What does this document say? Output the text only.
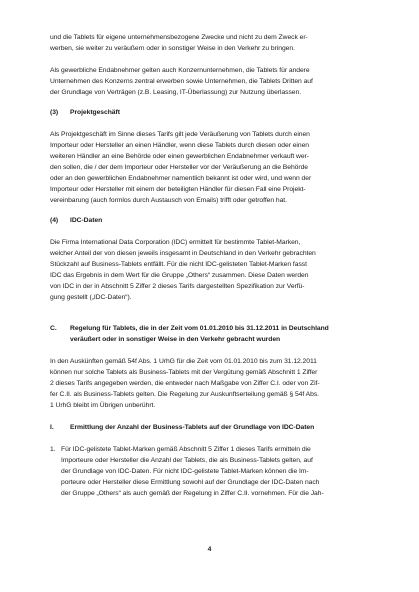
und die Tablets für eigene unternehmensbezogene Zwecke und nicht zu dem Zweck er-
werben, sie weiter zu veräußern oder in sonstiger Weise in den Verkehr zu bringen.
Als gewerbliche Endabnehmer gelten auch Konzernunternehmen, die Tablets für andere
Unternehmen des Konzerns zentral erwerben sowie Unternehmen, die Tablets Dritten auf
der Grundlage von Verträgen (z.B. Leasing, IT-Überlassung) zur Nutzung überlassen.
(3) Projektgeschäft
Als Projektgeschäft im Sinne dieses Tarifs gilt jede Veräußerung von Tablets durch einen
Importeur oder Hersteller an einen Händler, wenn diese Tablets durch diesen oder einen
weiteren Händler an eine Behörde oder einen gewerblichen Endabnehmer verkauft wer-
den sollen, die / der dem Importeur oder Hersteller vor der Veräußerung an die Behörde
oder an den gewerblichen Endabnehmer namentlich bekannt ist oder wird, und wenn der
Importeur oder Hersteller mit einem der beteiligten Händler für diesen Fall eine Projekt-
vereinbarung (auch formlos durch Austausch von Emails) trifft oder getroffen hat.
(4) IDC-Daten
Die Firma International Data Corporation (IDC) ermittelt für bestimmte Tablet-Marken,
welcher Anteil der von diesen jeweils insgesamt in Deutschland in den Verkehr gebrachten
Stückzahl auf Business-Tablets entfällt. Für die nicht IDC-gelisteten Tablet-Marken fasst
IDC das Ergebnis in dem Wert für die Gruppe „Others“ zusammen. Diese Daten werden
von IDC in der in Abschnitt 5 Ziffer 2 dieses Tarifs dargestellten Spezifikation zur Verfü-
gung gestellt („IDC-Daten“).
C. Regelung für Tablets, die in der Zeit vom 01.01.2010 bis 31.12.2011 in Deutschland
veräußert oder in sonstiger Weise in den Verkehr gebracht wurden
In den Auskünften gemäß 54f Abs. 1 UrhG für die Zeit vom 01.01.2010 bis zum 31.12.2011
können nur solche Tablets als Business-Tablets mit der Vergütung gemäß Abschnitt 1 Ziffer
2 dieses Tarifs angegeben werden, die entweder nach Maßgabe von Ziffer C.I. oder von Zif-
fer C.II. als Business-Tablets gelten. Die Regelung zur Auskunftserteilung gemäß § 54f Abs.
1 UrhG bleibt im Übrigen unberührt.
I. Ermittlung der Anzahl der Business-Tablets auf der Grundlage von IDC-Daten
1. Für IDC-gelistete Tablet-Marken gemäß Abschnitt 5 Ziffer 1 dieses Tarifs ermitteln die
Importeure oder Hersteller die Anzahl der Tablets, die als Business-Tablets gelten, auf
der Grundlage von IDC-Daten. Für nicht IDC-gelistete Tablet-Marken können die Im-
porteure oder Hersteller diese Ermittlung sowohl auf der Grundlage der IDC-Daten nach
der Gruppe „Others“ als auch gemäß der Regelung in Ziffer C.II. vornehmen. Für die Jah-
4
